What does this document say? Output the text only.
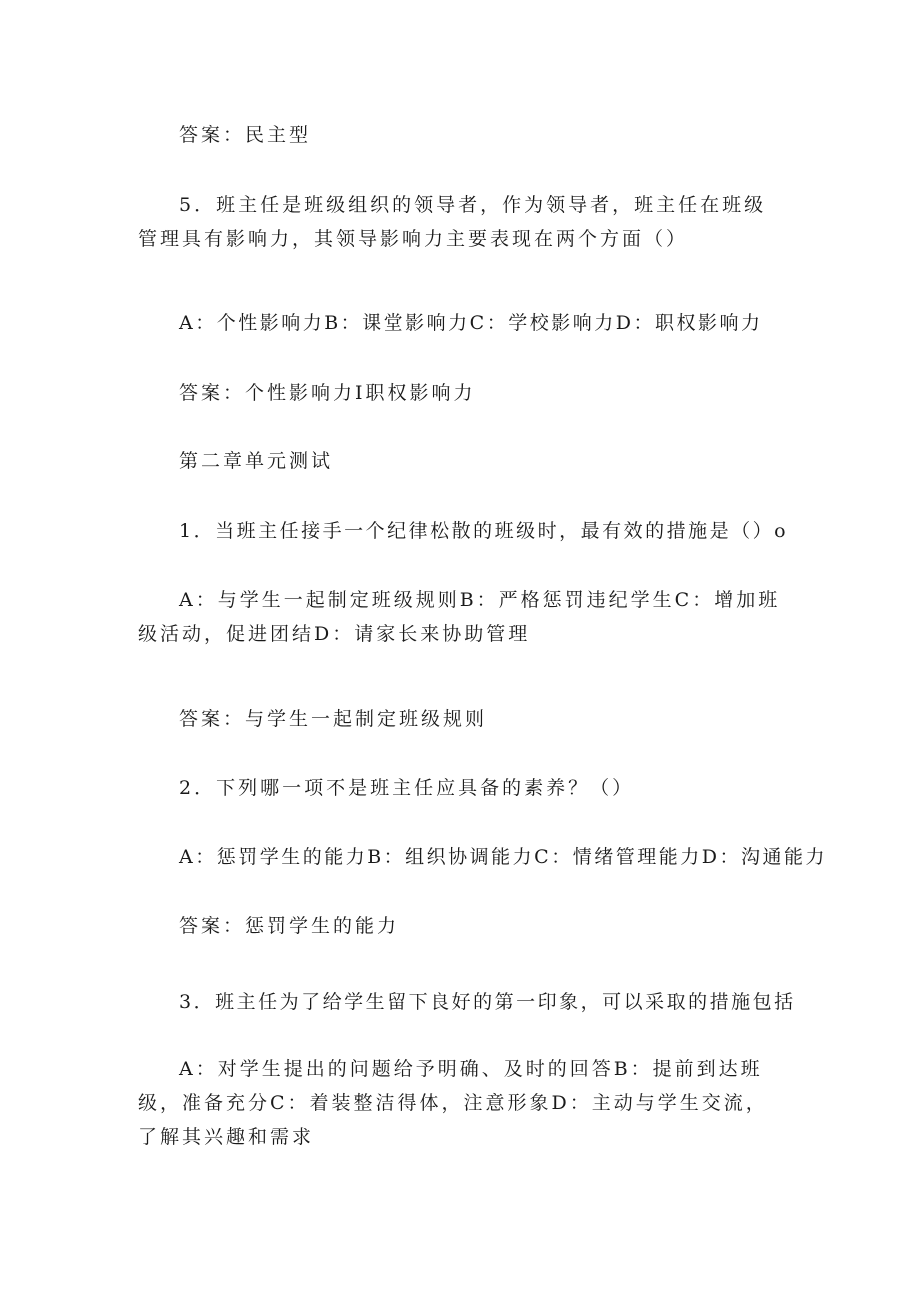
答案：民主型
5．班主任是班级组织的领导者，作为领导者，班主任在班级管理具有影响力，其领导影响力主要表现在两个方面（）
A：个性影响力B：课堂影响力C：学校影响力D：职权影响力
答案：个性影响力I职权影响力
第二章单元测试
1．当班主任接手一个纪律松散的班级时，最有效的措施是（）o
A：与学生一起制定班级规则B：严格惩罚违纪学生C：增加班级活动，促进团结D：请家长来协助管理
答案：与学生一起制定班级规则
2．下列哪一项不是班主任应具备的素养？（）
A：惩罚学生的能力B：组织协调能力C：情绪管理能力D：沟通能力
答案：惩罚学生的能力
3．班主任为了给学生留下良好的第一印象，可以采取的措施包括
A：对学生提出的问题给予明确、及时的回答B：提前到达班级，准备充分C：着装整洁得体，注意形象D：主动与学生交流，了解其兴趣和需求
